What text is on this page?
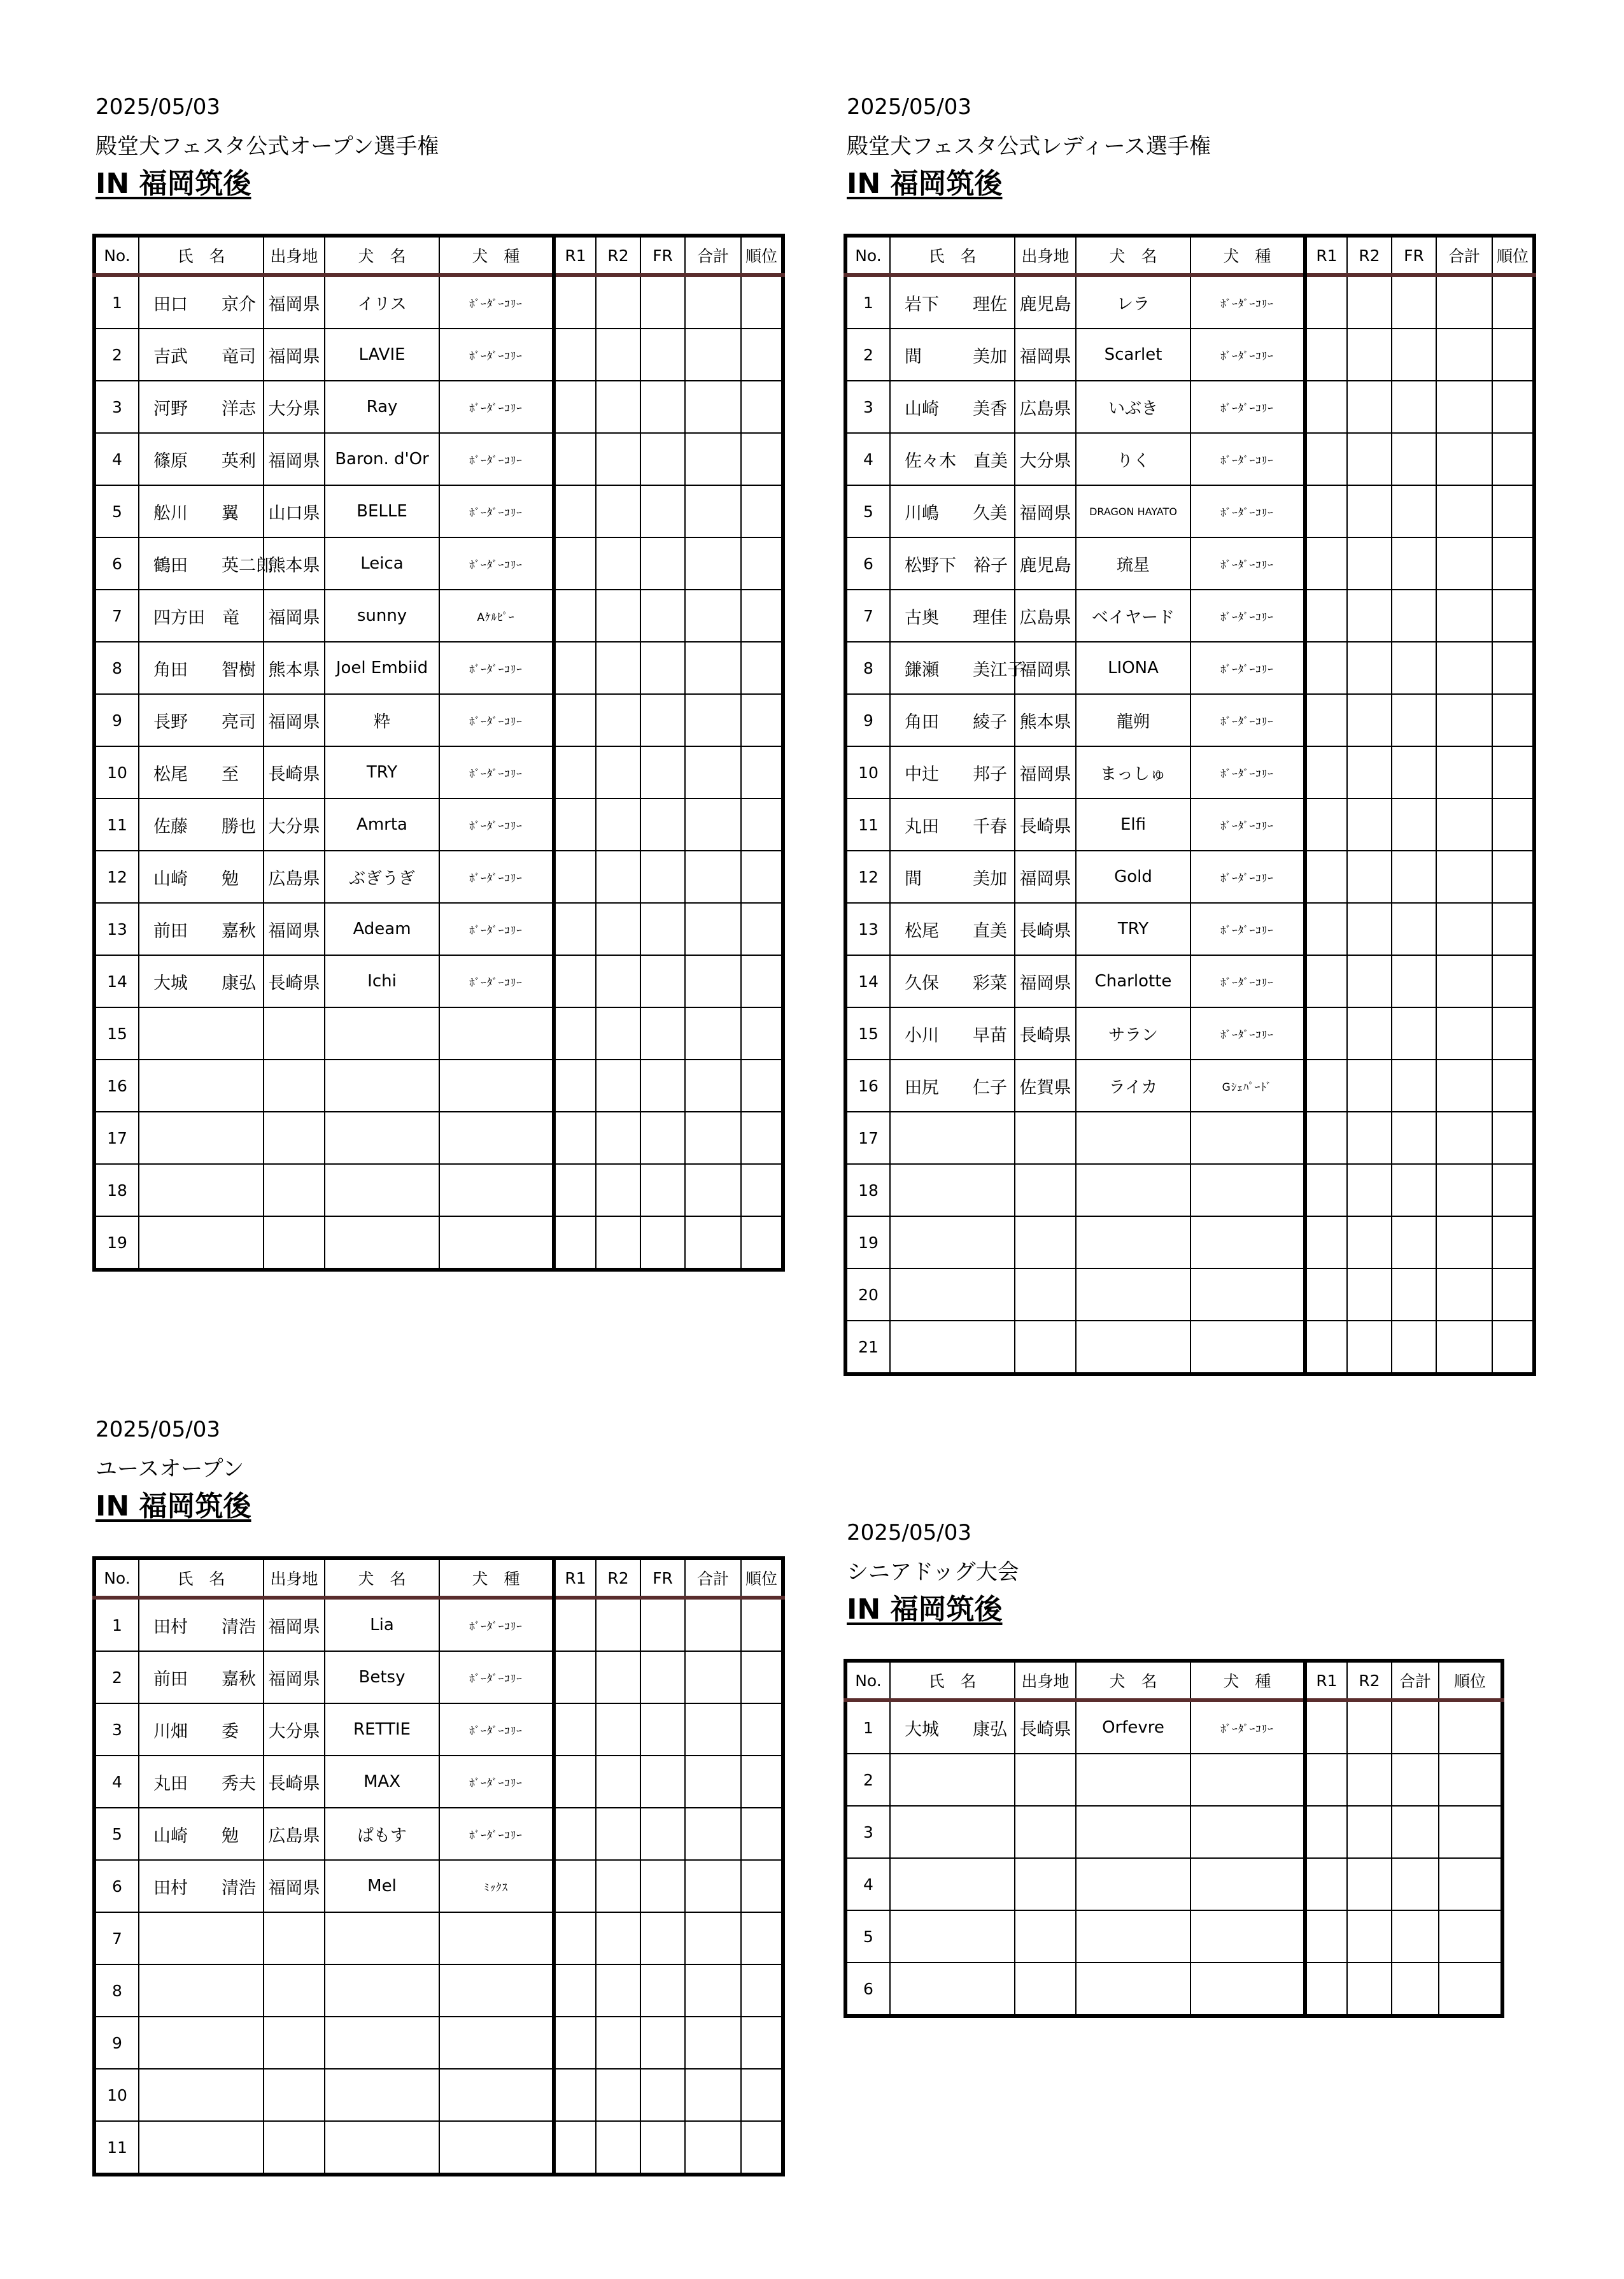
2025/05/03
殿堂犬フェスタ公式オープン選手権
IN 福岡筑後
No.	氏　名	出身地	犬　名	犬　種	R1	R2	FR	合計	順位
1	田口　 京介	福岡県	イリス	ﾎﾞｰﾀﾞｰｺﾘｰ					
2	吉武　 竜司	福岡県	LAVIE	ﾎﾞｰﾀﾞｰｺﾘｰ					
3	河野　 洋志	大分県	Ray	ﾎﾞｰﾀﾞｰｺﾘｰ					
4	篠原　 英利	福岡県	Baron. d'Or	ﾎﾞｰﾀﾞｰｺﾘｰ					
5	舩川　 翼	山口県	BELLE	ﾎﾞｰﾀﾞｰｺﾘｰ					
6	鶴田　 英二郎	熊本県	Leica	ﾎﾞｰﾀﾞｰｺﾘｰ					
7	四方田　 竜	福岡県	sunny	Aｹﾙﾋﾟｰ					
8	角田　 智樹	熊本県	Joel Embiid	ﾎﾞｰﾀﾞｰｺﾘｰ					
9	長野　 亮司	福岡県	粋	ﾎﾞｰﾀﾞｰｺﾘｰ					
10	松尾　 至	長崎県	TRY	ﾎﾞｰﾀﾞｰｺﾘｰ					
11	佐藤　 勝也	大分県	Amrta	ﾎﾞｰﾀﾞｰｺﾘｰ					
12	山崎　 勉	広島県	ぶぎうぎ	ﾎﾞｰﾀﾞｰｺﾘｰ					
13	前田　 嘉秋	福岡県	Adeam	ﾎﾞｰﾀﾞｰｺﾘｰ					
14	大城　 康弘	長崎県	Ichi	ﾎﾞｰﾀﾞｰｺﾘｰ					
15									
16									
17									
18									
19									
2025/05/03
殿堂犬フェスタ公式レディース選手権
IN 福岡筑後
No.	氏　名	出身地	犬　名	犬　種	R1	R2	FR	合計	順位
1	岩下　 理佐	鹿児島	レラ	ﾎﾞｰﾀﾞｰｺﾘｰ					
2	間　 美加	福岡県	Scarlet	ﾎﾞｰﾀﾞｰｺﾘｰ					
3	山崎　 美香	広島県	いぶき	ﾎﾞｰﾀﾞｰｺﾘｰ					
4	佐々木　 直美	大分県	りく	ﾎﾞｰﾀﾞｰｺﾘｰ					
5	川嶋　 久美	福岡県	DRAGON HAYATO	ﾎﾞｰﾀﾞｰｺﾘｰ					
6	松野下　 裕子	鹿児島	琉星	ﾎﾞｰﾀﾞｰｺﾘｰ					
7	古奥　 理佳	広島県	ベイヤード	ﾎﾞｰﾀﾞｰｺﾘｰ					
8	鎌瀬　 美江子	福岡県	LIONA	ﾎﾞｰﾀﾞｰｺﾘｰ					
9	角田　 綾子	熊本県	龍朔	ﾎﾞｰﾀﾞｰｺﾘｰ					
10	中辻　 邦子	福岡県	まっしゅ	ﾎﾞｰﾀﾞｰｺﾘｰ					
11	丸田　 千春	長崎県	Elfi	ﾎﾞｰﾀﾞｰｺﾘｰ					
12	間　 美加	福岡県	Gold	ﾎﾞｰﾀﾞｰｺﾘｰ					
13	松尾　 直美	長崎県	TRY	ﾎﾞｰﾀﾞｰｺﾘｰ					
14	久保　 彩菜	福岡県	Charlotte	ﾎﾞｰﾀﾞｰｺﾘｰ					
15	小川　 早苗	長崎県	サラン	ﾎﾞｰﾀﾞｰｺﾘｰ					
16	田尻　 仁子	佐賀県	ライカ	Gｼｪﾊﾟｰﾄﾞ					
17									
18									
19									
20									
21									
2025/05/03
ユースオープン
IN 福岡筑後
No.	氏　名	出身地	犬　名	犬　種	R1	R2	FR	合計	順位
1	田村　 清浩	福岡県	Lia	ﾎﾞｰﾀﾞｰｺﾘｰ					
2	前田　 嘉秋	福岡県	Betsy	ﾎﾞｰﾀﾞｰｺﾘｰ					
3	川畑　 委	大分県	RETTIE	ﾎﾞｰﾀﾞｰｺﾘｰ					
4	丸田　 秀夫	長崎県	MAX	ﾎﾞｰﾀﾞｰｺﾘｰ					
5	山崎　 勉	広島県	ぱもす	ﾎﾞｰﾀﾞｰｺﾘｰ					
6	田村　 清浩	福岡県	Mel	ﾐｯｸｽ					
7									
8									
9									
10									
11									
2025/05/03
シニアドッグ大会
IN 福岡筑後
No.	氏　名	出身地	犬　名	犬　種	R1	R2	合計	順位
1	大城　 康弘	長崎県	Orfevre	ﾎﾞｰﾀﾞｰｺﾘｰ				
2								
3								
4								
5								
6								
